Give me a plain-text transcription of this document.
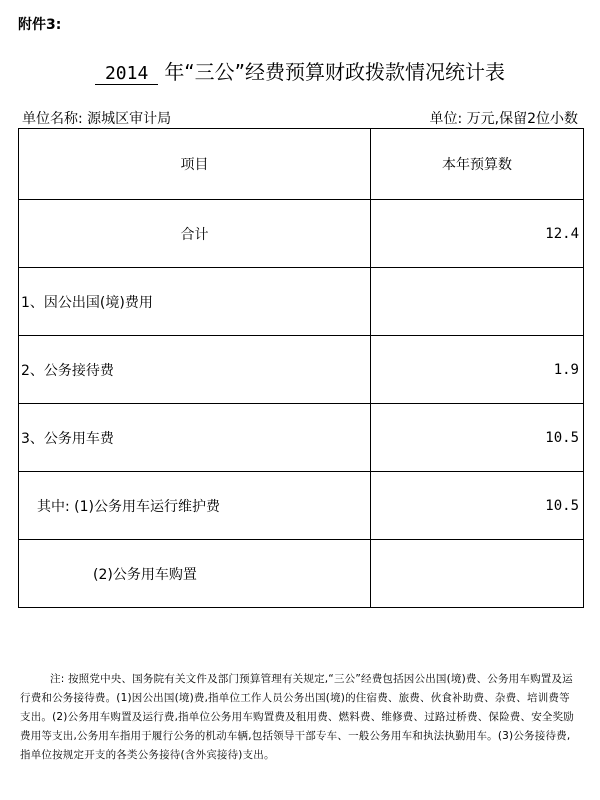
附件3:
2014 年“三公”经费预算财政拨款情况统计表
单位名称: 源城区审计局	单位: 万元,保留2位小数
项目	本年预算数
合计	12.4
1、因公出国(境)费用	
2、公务接待费	1.9
3、公务用车费	10.5
其中: (1)公务用车运行维护费	10.5
(2)公务用车购置	
注: 按照党中央、国务院有关文件及部门预算管理有关规定,“三公”经费包括因公出国(境)费、公务用车购置及运行费和公务接待费。(1)因公出国(境)费,指单位工作人员公务出国(境)的住宿费、旅费、伙食补助费、杂费、培训费等支出。(2)公务用车购置及运行费,指单位公务用车购置费及租用费、燃料费、维修费、过路过桥费、保险费、安全奖励费用等支出,公务用车指用于履行公务的机动车辆,包括领导干部专车、一般公务用车和执法执勤用车。(3)公务接待费,指单位按规定开支的各类公务接待(含外宾接待)支出。
